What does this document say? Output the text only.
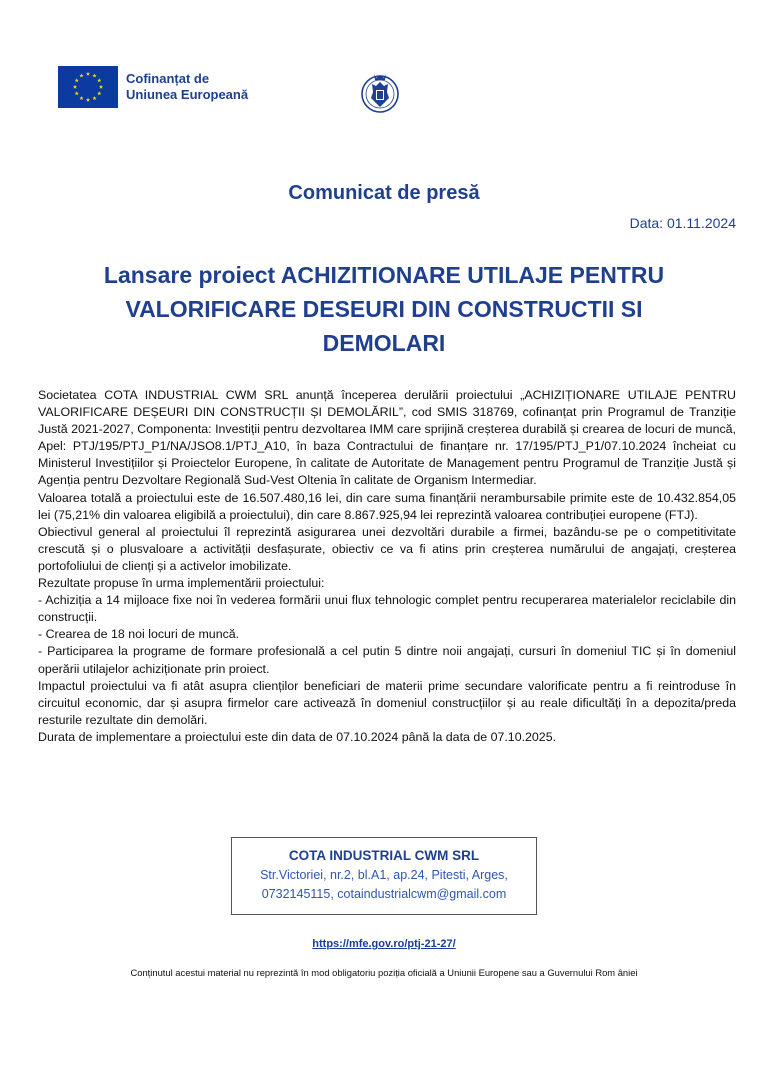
Cofinanțat de
Uniunea Europeană
Comunicat de presă
Data: 01.11.2024
Lansare proiect ACHIZITIONARE UTILAJE PENTRU
VALORIFICARE DESEURI DIN CONSTRUCTII SI
DEMOLARI

Societatea COTA INDUSTRIAL CWM SRL anunță începerea derulării proiectului „ACHIZIȚIONARE UTILAJE PENTRU VALORIFICARE DEȘEURI DIN CONSTRUCȚII ȘI DEMOLĂRIL”, cod SMIS 318769, cofinanțat prin Programul de Tranziție Justă 2021-2027, Componenta: Investiții pentru dezvoltarea IMM care sprijină creșterea durabilă și crearea de locuri de muncă, Apel: PTJ/195/PTJ_P1/NA/JSO8.1/PTJ_A10, în baza Contractului de finanțare nr. 17/195/PTJ_P1/07.10.2024 încheiat cu Ministerul Investițiilor și Proiectelor Europene, în calitate de Autoritate de Management pentru Programul de Tranziție Justă și Agenția pentru Dezvoltare Regională Sud-Vest Oltenia în calitate de Organism Intermediar.

Valoarea totală a proiectului este de 16.507.480,16 lei, din care suma finanțării nerambursabile primite este de 10.432.854,05 lei (75,21% din valoarea eligibilă a proiectului), din care 8.867.925,94 lei reprezintă valoarea contribuției europene (FTJ).

Obiectivul general al proiectului îl reprezintă asigurarea unei dezvoltări durabile a firmei, bazându-se pe o competitivitate crescută și o plusvaloare a activității desfașurate, obiectiv ce va fi atins prin creșterea numărului de angajați, creșterea portofoliului de clienți și a activelor imobilizate.

Rezultate propuse în urma implementării proiectului:

- Achiziția a 14 mijloace fixe noi în vederea formării unui flux tehnologic complet pentru recuperarea materialelor reciclabile din construcții.

- Crearea de 18 noi locuri de muncă.

- Participarea la programe de formare profesională a cel putin 5 dintre noii angajați, cursuri în domeniul TIC și în domeniul operării utilajelor achiziționate prin proiect.

Impactul proiectului va fi atât asupra clienților beneficiari de materii prime secundare valorificate pentru a fi reintroduse în circuitul economic, dar și asupra firmelor care activează în domeniul construcțiilor și au reale dificultăți în a depozita/preda resturile rezultate din demolări.

Durata de implementare a proiectului este din data de 07.10.2024 până la data de 07.10.2025.

COTA INDUSTRIAL CWM SRL
Str.Victoriei, nr.2, bl.A1, ap.24, Pitesti, Arges,
0732145115, cotaindustrialcwm@gmail.com
https://mfe.gov.ro/ptj-21-27/
Conținutul acestui material nu reprezintă în mod obligatoriu poziția oficială a Uniunii Europene sau a Guvernului Rom âniei
